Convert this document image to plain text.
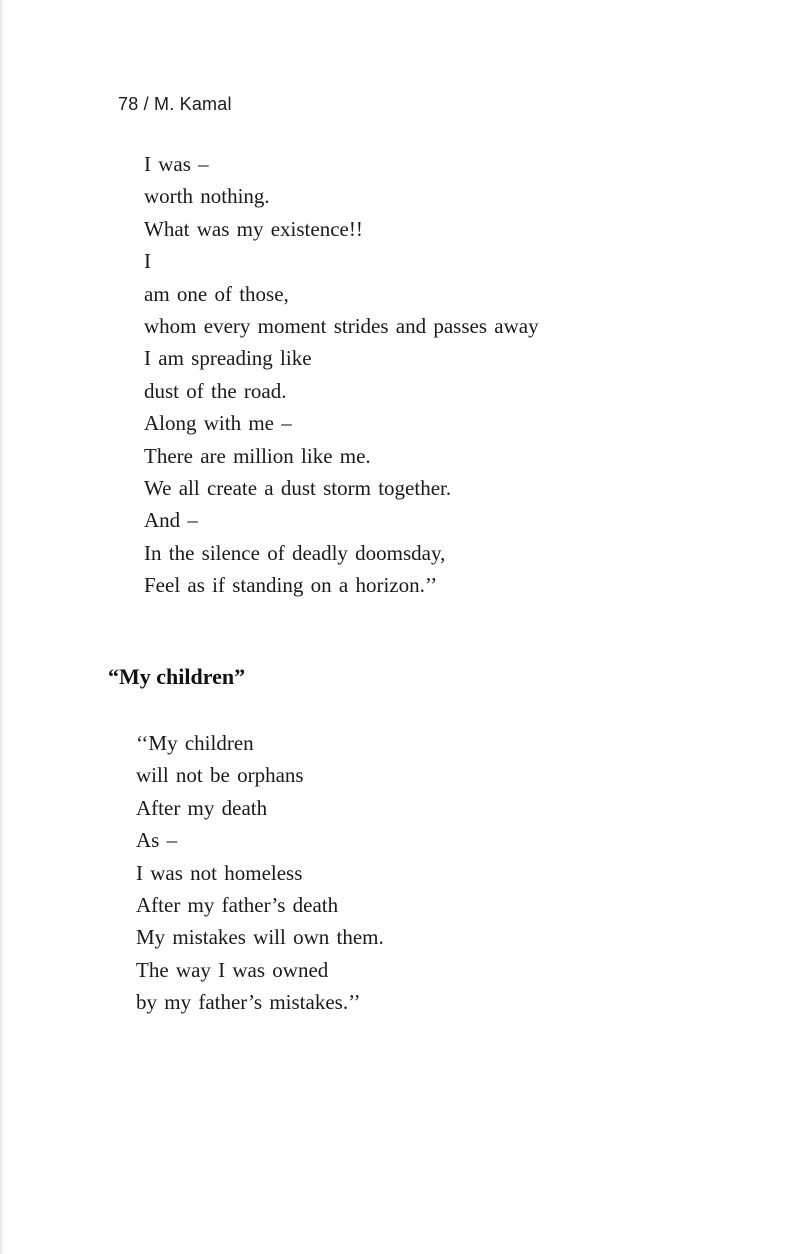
78 / M. Kamal
I was –
worth nothing.
What was my existence!!
I
am one of those,
whom every moment strides and passes away
I am spreading like
dust of the road.
Along with me –
There are million like me.
We all create a dust storm together.
And –
In the silence of deadly doomsday,
Feel as if standing on a horizon.’’
“My children”
‘‘My children
will not be orphans
After my death
As –
I was not homeless
After my father’s death
My mistakes will own them.
The way I was owned
by my father’s mistakes.’’
